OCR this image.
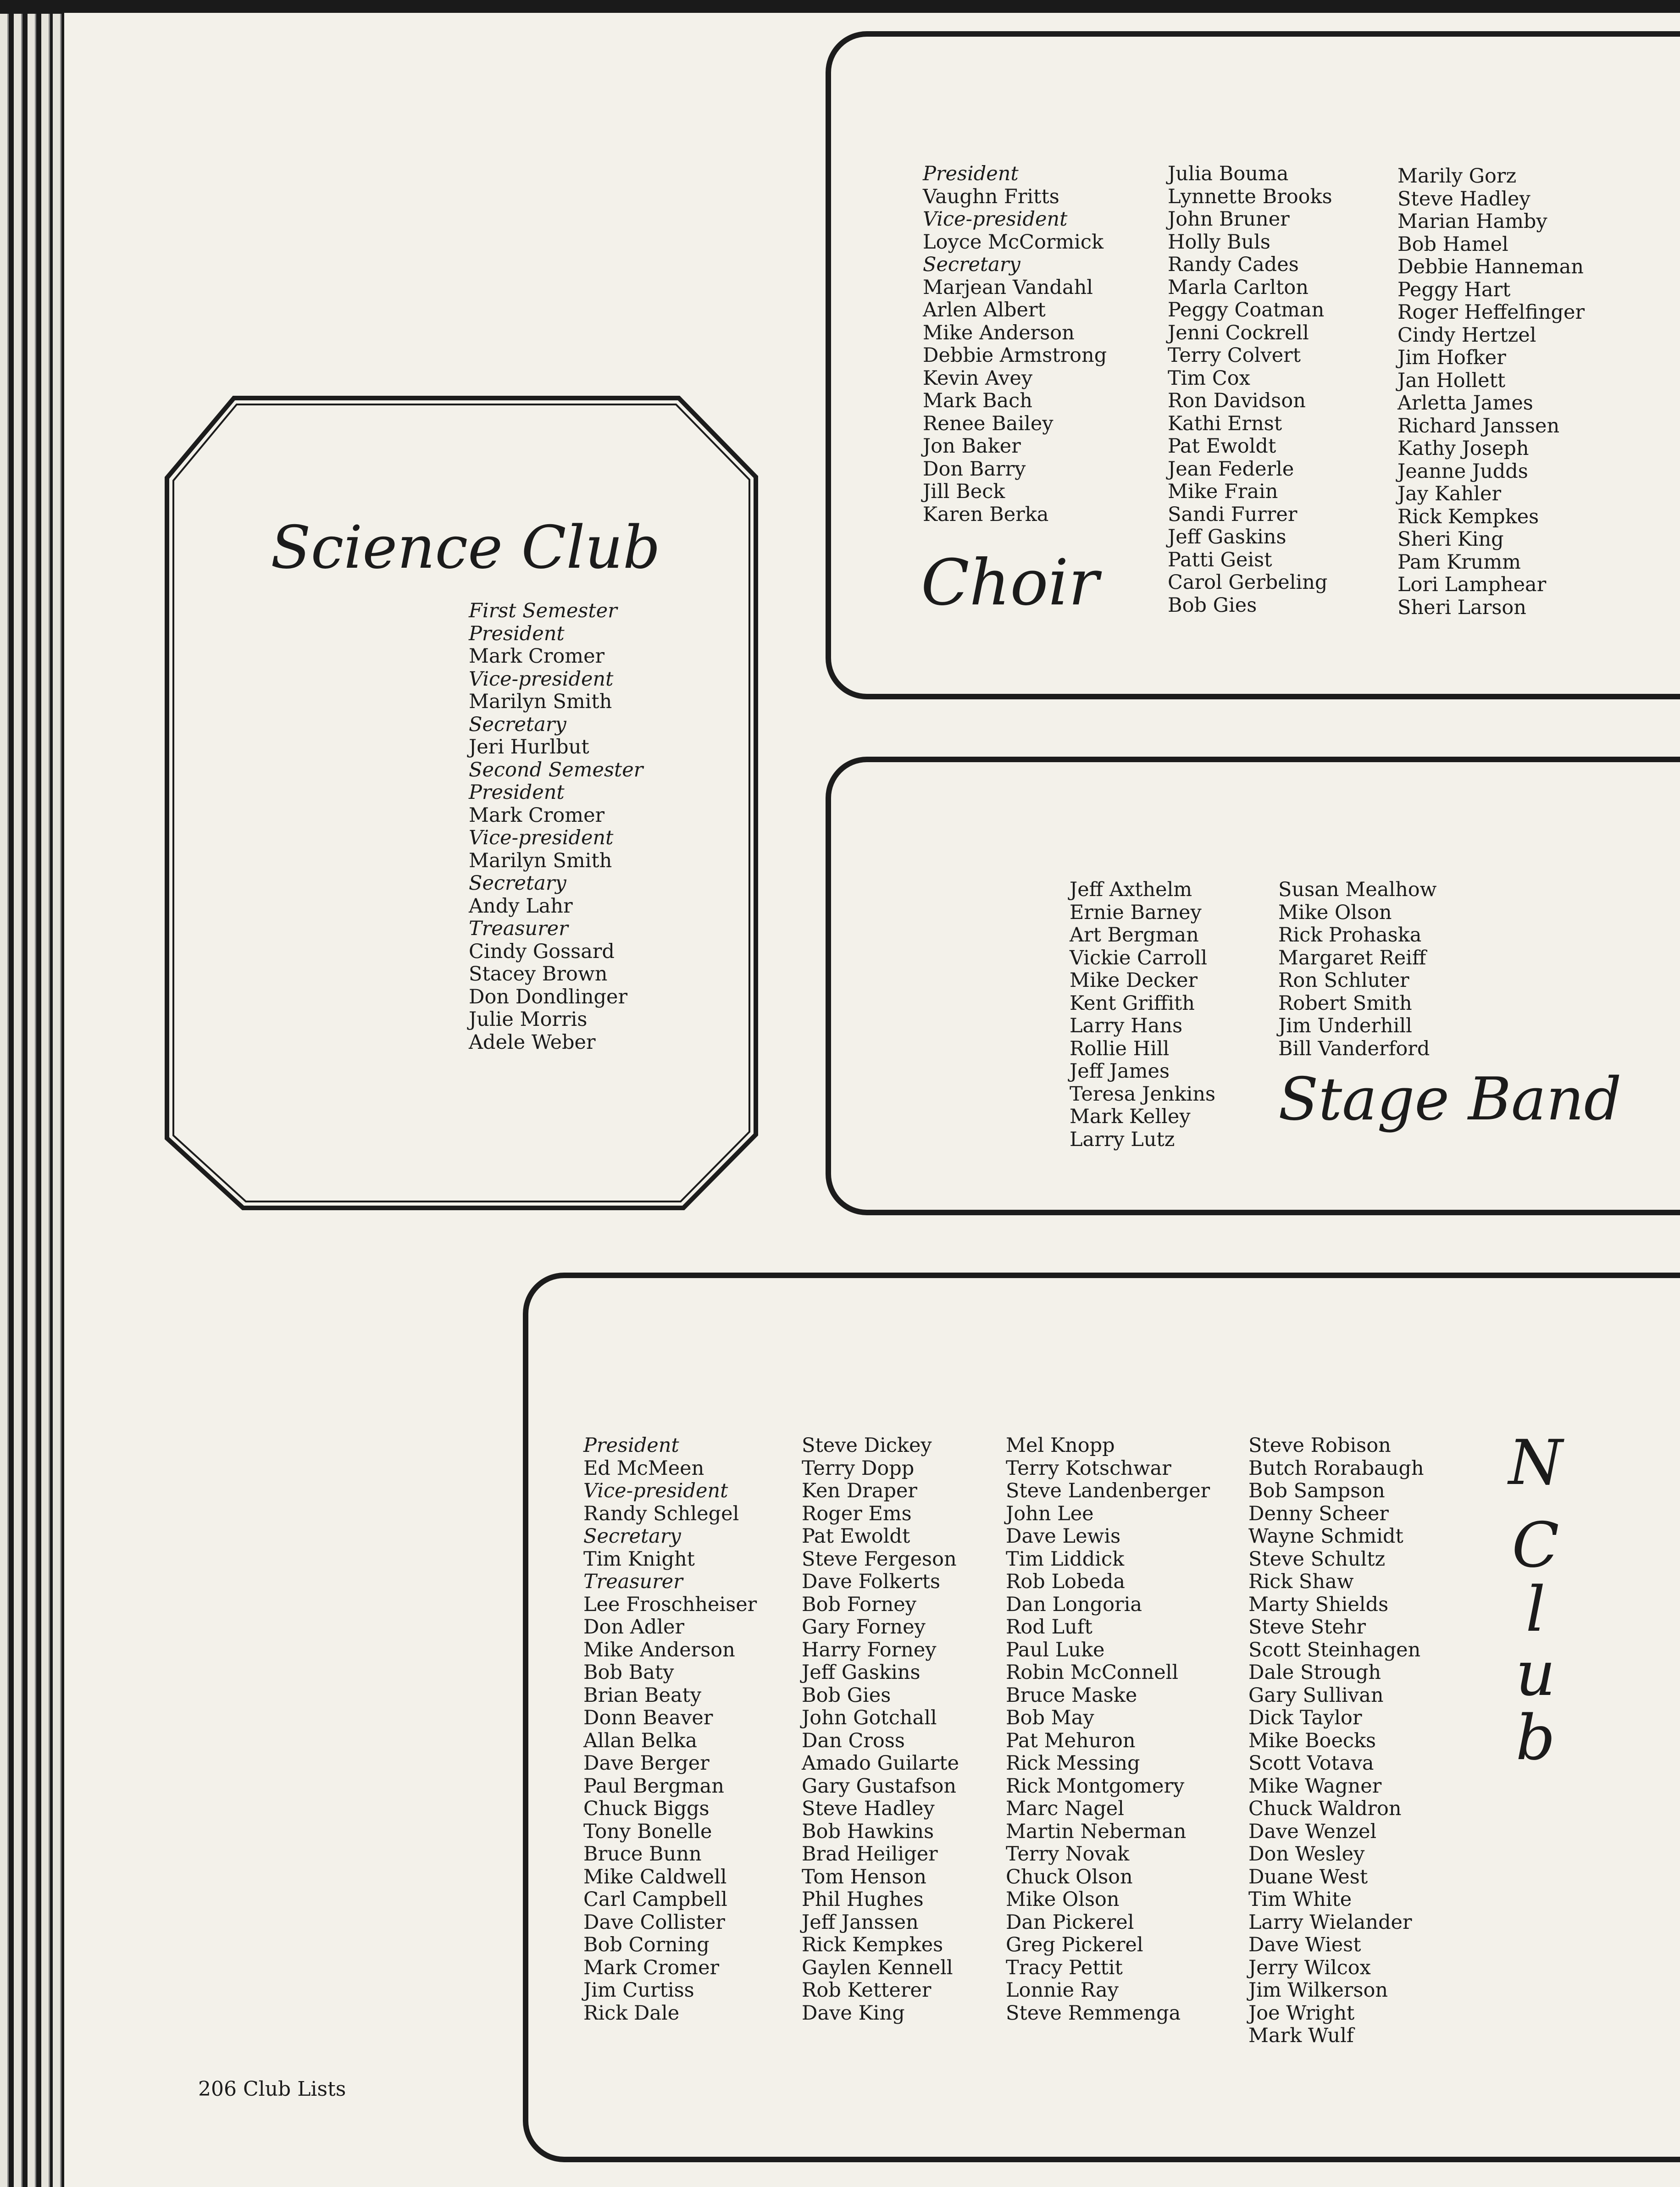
Science Club
First Semester
President
Mark Cromer
Vice-president
Marilyn Smith
Secretary
Jeri Hurlbut
Second Semester
President
Mark Cromer
Vice-president
Marilyn Smith
Secretary
Andy Lahr
Treasurer
Cindy Gossard
Stacey Brown
Don Dondlinger
Julie Morris
Adele Weber
President
Vaughn Fritts
Vice-president
Loyce McCormick
Secretary
Marjean Vandahl
Arlen Albert
Mike Anderson
Debbie Armstrong
Kevin Avey
Mark Bach
Renee Bailey
Jon Baker
Don Barry
Jill Beck
Karen Berka
Julia Bouma
Lynnette Brooks
John Bruner
Holly Buls
Randy Cades
Marla Carlton
Peggy Coatman
Jenni Cockrell
Terry Colvert
Tim Cox
Ron Davidson
Kathi Ernst
Pat Ewoldt
Jean Federle
Mike Frain
Sandi Furrer
Jeff Gaskins
Patti Geist
Carol Gerbeling
Bob Gies
Marily Gorz
Steve Hadley
Marian Hamby
Bob Hamel
Debbie Hanneman
Peggy Hart
Roger Heffelfinger
Cindy Hertzel
Jim Hofker
Jan Hollett
Arletta James
Richard Janssen
Kathy Joseph
Jeanne Judds
Jay Kahler
Rick Kempkes
Sheri King
Pam Krumm
Lori Lamphear
Sheri Larson
Choir
Jeff Axthelm
Ernie Barney
Art Bergman
Vickie Carroll
Mike Decker
Kent Griffith
Larry Hans
Rollie Hill
Jeff James
Teresa Jenkins
Mark Kelley
Larry Lutz
Susan Mealhow
Mike Olson
Rick Prohaska
Margaret Reiff
Ron Schluter
Robert Smith
Jim Underhill
Bill Vanderford
Stage Band
President
Ed McMeen
Vice-president
Randy Schlegel
Secretary
Tim Knight
Treasurer
Lee Froschheiser
Don Adler
Mike Anderson
Bob Baty
Brian Beaty
Donn Beaver
Allan Belka
Dave Berger
Paul Bergman
Chuck Biggs
Tony Bonelle
Bruce Bunn
Mike Caldwell
Carl Campbell
Dave Collister
Bob Corning
Mark Cromer
Jim Curtiss
Rick Dale
Steve Dickey
Terry Dopp
Ken Draper
Roger Ems
Pat Ewoldt
Steve Fergeson
Dave Folkerts
Bob Forney
Gary Forney
Harry Forney
Jeff Gaskins
Bob Gies
John Gotchall
Dan Cross
Amado Guilarte
Gary Gustafson
Steve Hadley
Bob Hawkins
Brad Heiliger
Tom Henson
Phil Hughes
Jeff Janssen
Rick Kempkes
Gaylen Kennell
Rob Ketterer
Dave King
Mel Knopp
Terry Kotschwar
Steve Landenberger
John Lee
Dave Lewis
Tim Liddick
Rob Lobeda
Dan Longoria
Rod Luft
Paul Luke
Robin McConnell
Bruce Maske
Bob May
Pat Mehuron
Rick Messing
Rick Montgomery
Marc Nagel
Martin Neberman
Terry Novak
Chuck Olson
Mike Olson
Dan Pickerel
Greg Pickerel
Tracy Pettit
Lonnie Ray
Steve Remmenga
Steve Robison
Butch Rorabaugh
Bob Sampson
Denny Scheer
Wayne Schmidt
Steve Schultz
Rick Shaw
Marty Shields
Steve Stehr
Scott Steinhagen
Dale Strough
Gary Sullivan
Dick Taylor
Mike Boecks
Scott Votava
Mike Wagner
Chuck Waldron
Dave Wenzel
Don Wesley
Duane West
Tim White
Larry Wielander
Dave Wiest
Jerry Wilcox
Jim Wilkerson
Joe Wright
Mark Wulf
N
C
l
u
b
206 Club Lists
